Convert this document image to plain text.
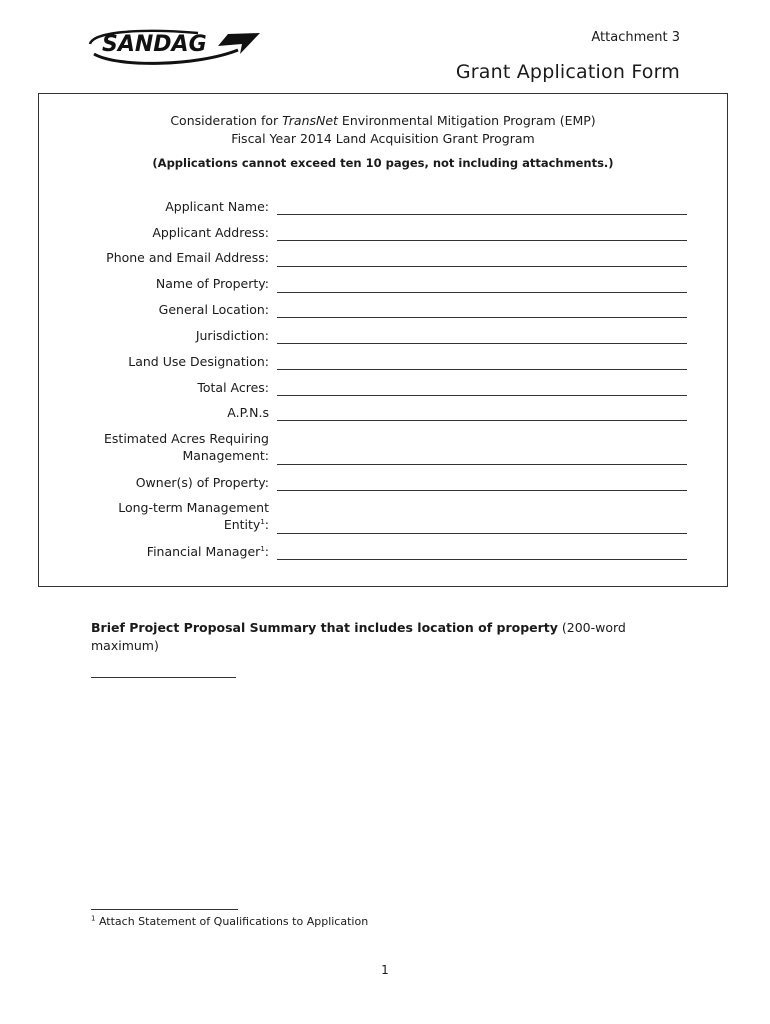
SANDAG	Attachment 3
Grant Application Form
Consideration for TransNet Environmental Mitigation Program (EMP)
Fiscal Year 2014 Land Acquisition Grant Program
(Applications cannot exceed ten 10 pages, not including attachments.)
Applicant Name:
Applicant Address:
Phone and Email Address:
Name of Property:
General Location:
Jurisdiction:
Land Use Designation:
Total Acres:
A.P.N.s
Estimated Acres Requiring
Management:
Owner(s) of Property:
Long-term Management
Entity$^1$:
Financial Manager$^1$:
Brief Project Proposal Summary that includes location of property (200-word maximum)
$^1$ Attach Statement of Qualifications to Application
1
